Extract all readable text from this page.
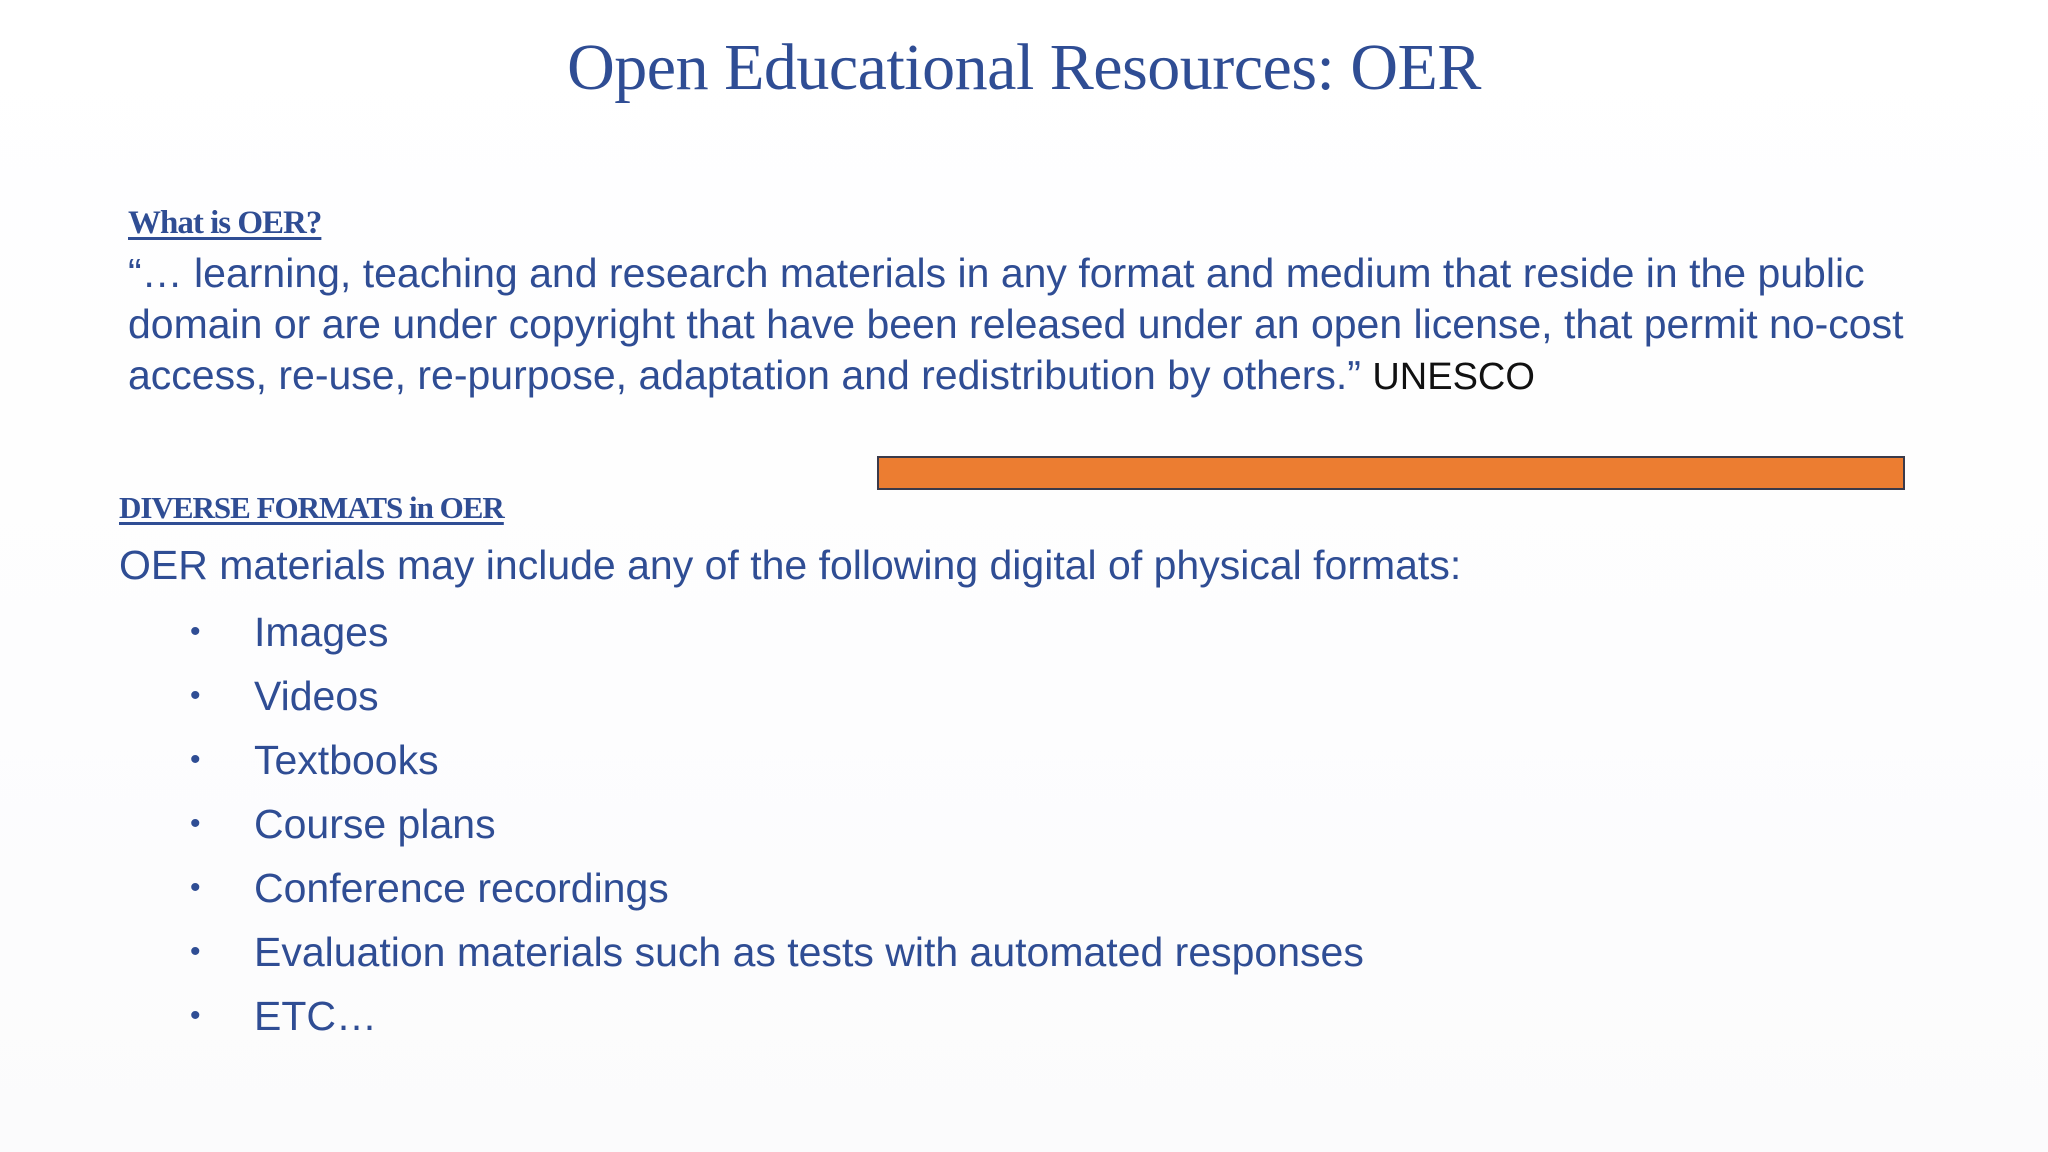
Open Educational Resources: OER
What is OER?
“… learning, teaching and research materials in any format and medium that reside in the public domain or are under copyright that have been released under an open license, that permit no-cost access, re-use, re-purpose, adaptation and redistribution by others.” UNESCO
DIVERSE FORMATS in OER
OER materials may include any of the following digital of physical formats:
•	Images
•	Videos
•	Textbooks
•	Course plans
•	Conference recordings
•	Evaluation materials such as tests with automated responses
•	ETC…
